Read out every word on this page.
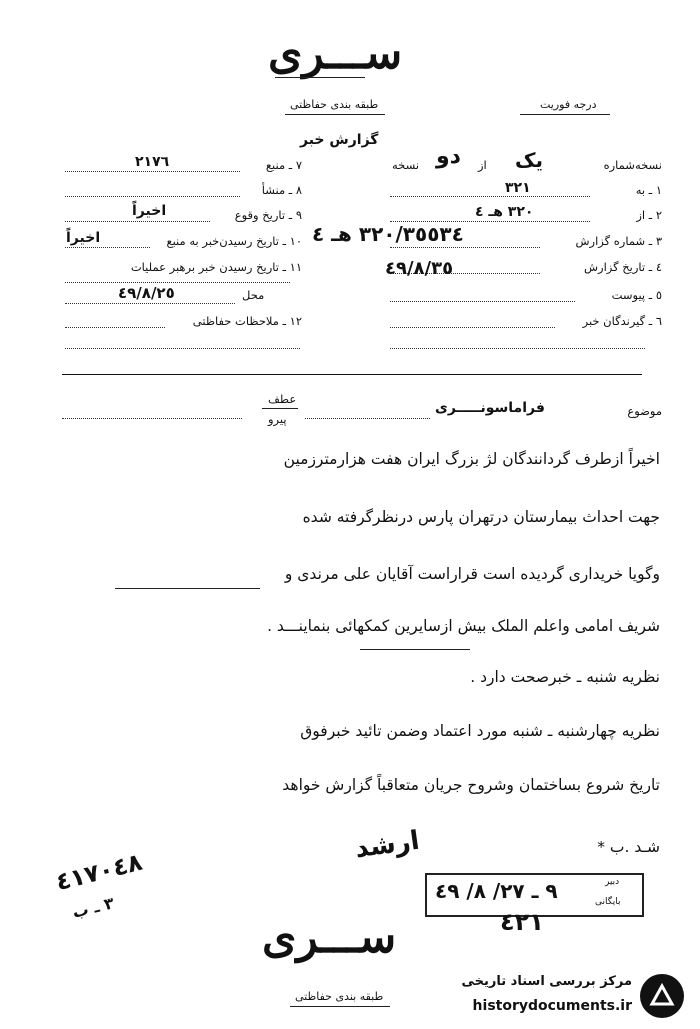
ســـری
طبقه بندی حفاظتی	درجه فوریت
گزارش خبر
نسخه‌شماره
یک
از
دو
نسخه
١ ـ به
٣٢١
٢ ـ از
٣٢٠ هـ ٤
٣ ـ شماره گزارش
٣٢٠/٣٥٥٣٤ هـ ٤
٤ ـ تاریخ گزارش
٤٩/٨/٣٥
٥ ـ پیوست
٦ ـ گیرندگان خبر
٧ ـ منبع
٢١٧٦
٨ ـ منشأ
٩ ـ تاریخ وقوع
اخیراً
١٠ ـ تاریخ رسیدن‌خبر به منبع
اخیراً
١١ ـ تاریخ رسیدن خبر برهبر عملیات
محل
٤٩/٨/٢٥
١٢ ـ ملاحظات حفاظتی
عطف
پیرو
موضوع
فراماسونـــــری
اخیراً ازطرف گردانندگان لژ بزرگ ایران هفت هزارمترزمین
جهت احداث بیمارستان درتهران پارس درنظرگرفته شده
وگویا خریداری گردیده است قراراست آقایان علی مرندی و
شریف امامی واعلم الملک بیش ازسایرین کمکهائی بنماینـــد .
نظریه شنبه ـ خبرصحت دارد .
نظریه چهارشنبه ـ شنبه مورد اعتماد وضمن تائید خبرفوق
تاریخ شروع بساختمان وشروح جریان متعاقباً گزارش خواهد
شـد .ب *
ارشد
٤١٧٠٤٨
٣ ـ ب
٩ ـ ٢٧/ ٨/ ٤٩	دبیر
بایگانی
٤٢١
ســـری
طبقه بندی حفاظتی
مرکز بررسی اسناد تاریخی
historydocuments.ir
